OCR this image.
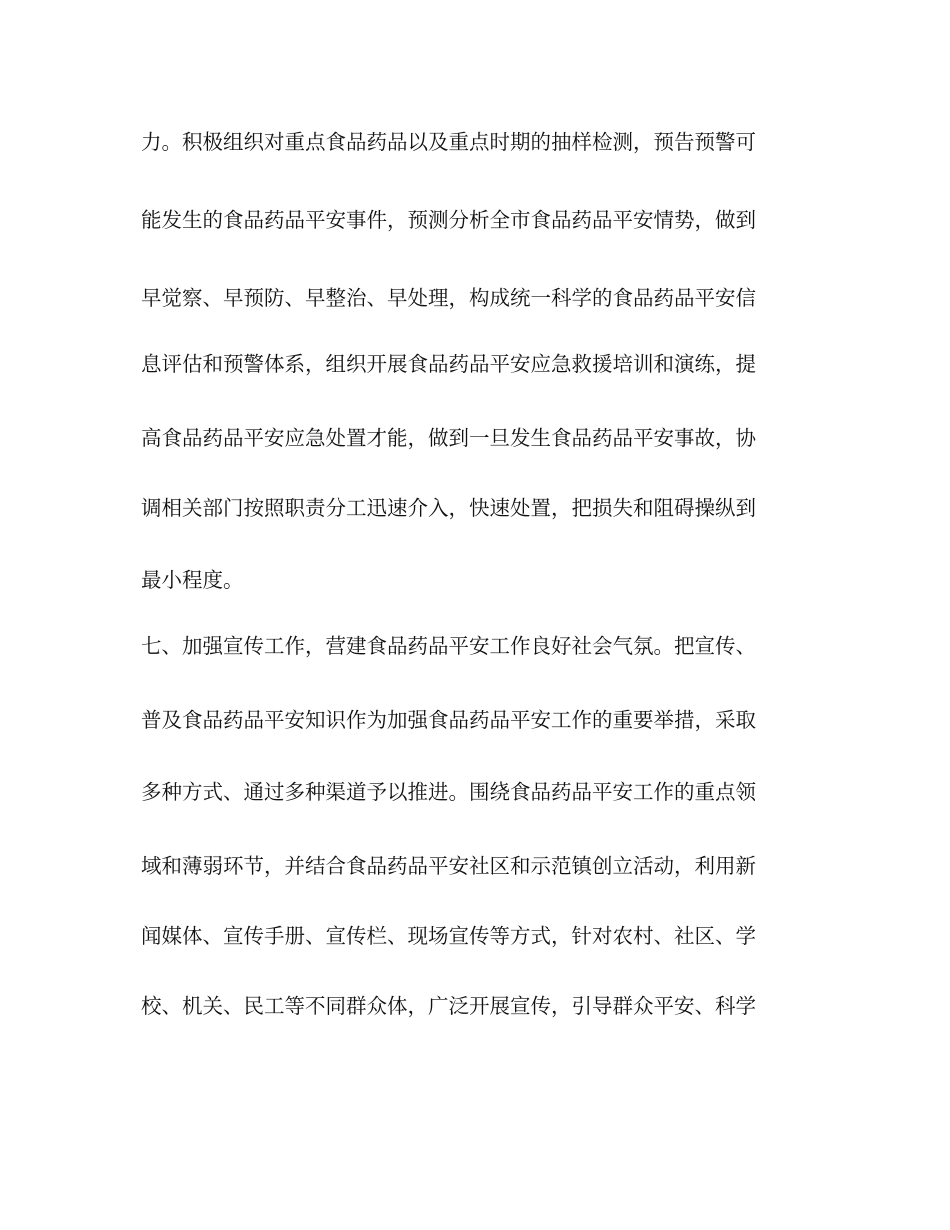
力。积极组织对重点食品药品以及重点时期的抽样检测，预告预警可

能发生的食品药品平安事件，预测分析全市食品药品平安情势，做到

早觉察、早预防、早整治、早处理，构成统一科学的食品药品平安信

息评估和预警体系，组织开展食品药品平安应急救援培训和演练，提

高食品药品平安应急处置才能，做到一旦发生食品药品平安事故，协

调相关部门按照职责分工迅速介入，快速处置，把损失和阻碍操纵到

最小程度。

七、加强宣传工作，营建食品药品平安工作良好社会气氛。把宣传、

普及食品药品平安知识作为加强食品药品平安工作的重要举措，采取

多种方式、通过多种渠道予以推进。围绕食品药品平安工作的重点领

域和薄弱环节，并结合食品药品平安社区和示范镇创立活动，利用新

闻媒体、宣传手册、宣传栏、现场宣传等方式，针对农村、社区、学

校、机关、民工等不同群众体，广泛开展宣传，引导群众平安、科学
